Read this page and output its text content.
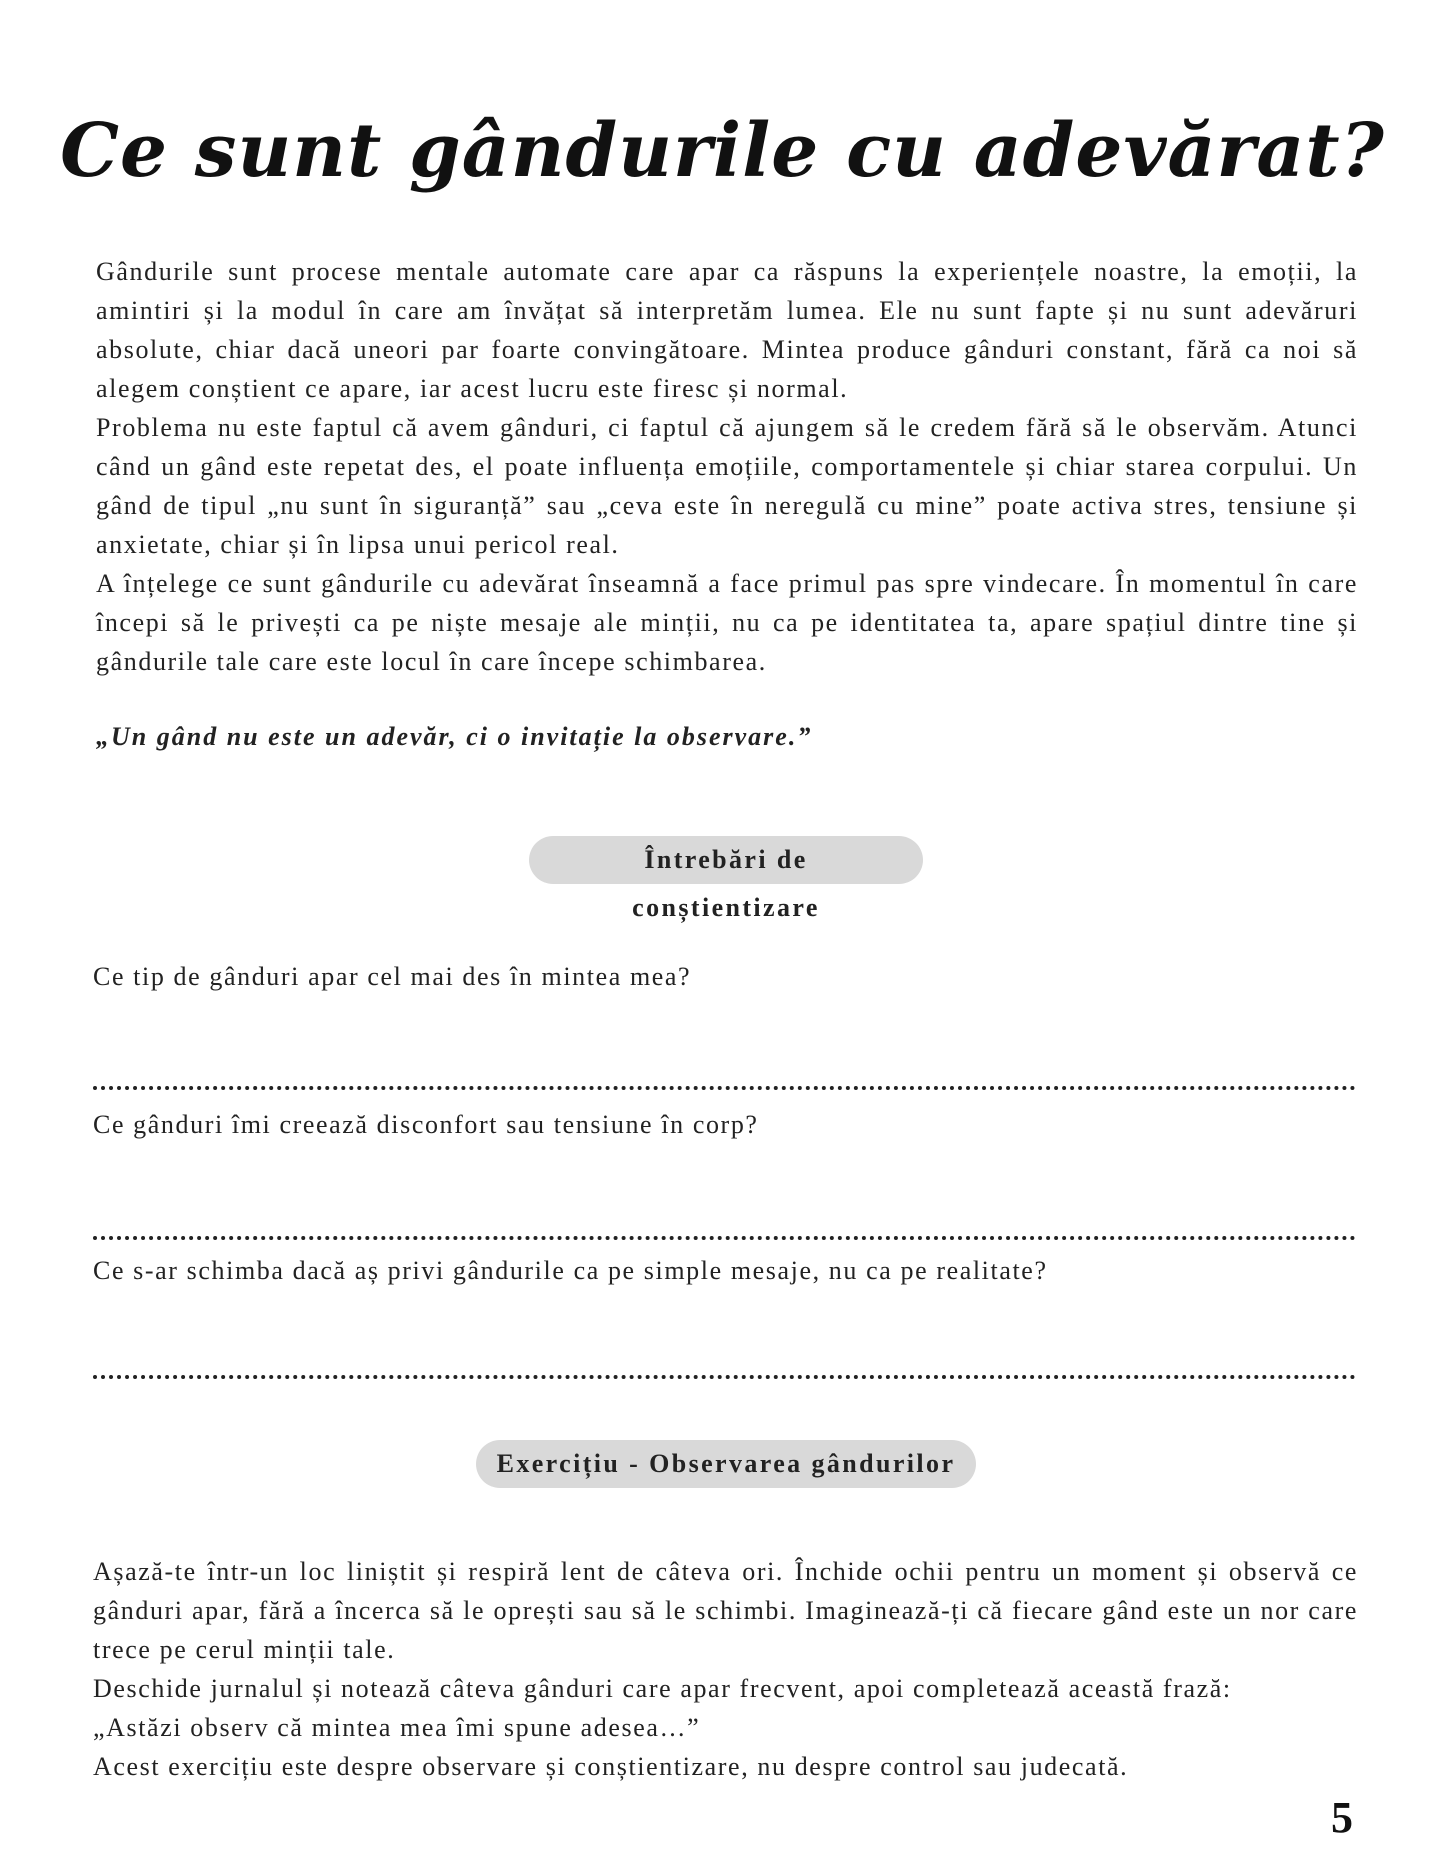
Ce sunt gândurile cu adevărat?

Gândurile sunt procese mentale automate care apar ca răspuns la experiențele noastre, la emoții, la amintiri și la modul în care am învățat să interpretăm lumea. Ele nu sunt fapte și nu sunt adevăruri absolute, chiar dacă uneori par foarte convingătoare. Mintea produce gânduri constant, fără ca noi să alegem conștient ce apare, iar acest lucru este firesc și normal.

Problema nu este faptul că avem gânduri, ci faptul că ajungem să le credem fără să le observăm. Atunci când un gând este repetat des, el poate influența emoțiile, comportamentele și chiar starea corpului. Un gând de tipul „nu sunt în siguranță” sau „ceva este în neregulă cu mine” poate activa stres, tensiune și anxietate, chiar și în lipsa unui pericol real.

A înțelege ce sunt gândurile cu adevărat înseamnă a face primul pas spre vindecare. În momentul în care începi să le privești ca pe niște mesaje ale minții, nu ca pe identitatea ta, apare spațiul dintre tine și gândurile tale care este locul în care începe schimbarea.

„Un gând nu este un adevăr, ci o invitație la observare.”

Întrebări de conștientizare

Ce tip de gânduri apar cel mai des în mintea mea?

Ce gânduri îmi creează disconfort sau tensiune în corp?

Ce s-ar schimba dacă aș privi gândurile ca pe simple mesaje, nu ca pe realitate?

Exercițiu - Observarea gândurilor

Așază-te într-un loc liniștit și respiră lent de câteva ori. Închide ochii pentru un moment și observă ce gânduri apar, fără a încerca să le oprești sau să le schimbi. Imaginează-ți că fiecare gând este un nor care trece pe cerul minții tale.

Deschide jurnalul și notează câteva gânduri care apar frecvent, apoi completează această frază:

„Astăzi observ că mintea mea îmi spune adesea…”

Acest exercițiu este despre observare și conștientizare, nu despre control sau judecată.

5
